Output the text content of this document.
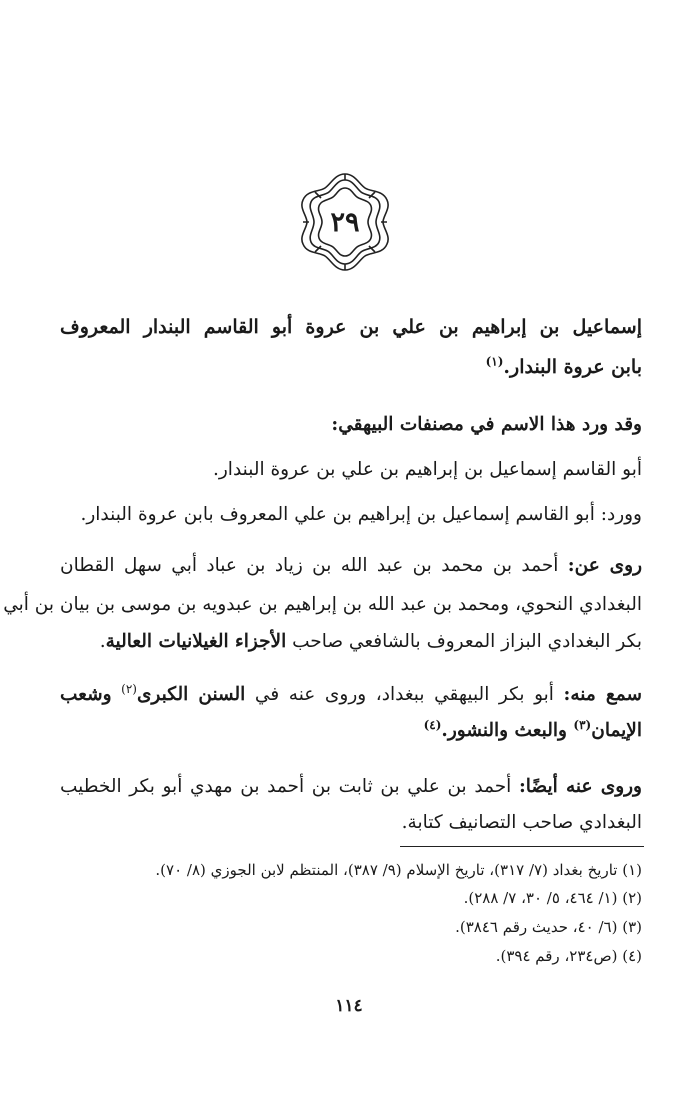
٢٩
إسماعيل بن إبراهيم بن علي بن عروة أبو القاسم البندار المعروف
بابن عروة البندار.$^{(١)}$
وقد ورد هذا الاسم في مصنفات البيهقي:
أبو القاسم إسماعيل بن إبراهيم بن علي بن عروة البندار.
وورد: أبو القاسم إسماعيل بن إبراهيم بن علي المعروف بابن عروة البندار.
روى عن: أحمد بن محمد بن عبد الله بن زياد بن عباد أبي سهل القطان
البغدادي النحوي، ومحمد بن عبد الله بن إبراهيم بن عبدويه بن موسى بن بيان بن أبي
بكر البغدادي البزاز المعروف بالشافعي صاحب الأجزاء الغيلانيات العالية.
سمع منه: أبو بكر البيهقي ببغداد، وروى عنه في السنن الكبرى$^{(٢)}$ وشعب
الإيمان$^{(٣)}$ والبعث والنشور.$^{(٤)}$
وروى عنه أيضًا: أحمد بن علي بن ثابت بن أحمد بن مهدي أبو بكر الخطيب
البغدادي صاحب التصانيف كتابة.
(١) تاريخ بغداد (٧/ ٣١٧)، تاريخ الإسلام (٩/ ٣٨٧)، المنتظم لابن الجوزي (٨/ ٧٠).
(٢) (١/ ٤٦٤، ٥/ ٣٠، ٧/ ٢٨٨).
(٣) (٦/ ٤٠، حديث رقم ٣٨٤٦).
(٤) (ص٢٣٤، رقم ٣٩٤).
١١٤
